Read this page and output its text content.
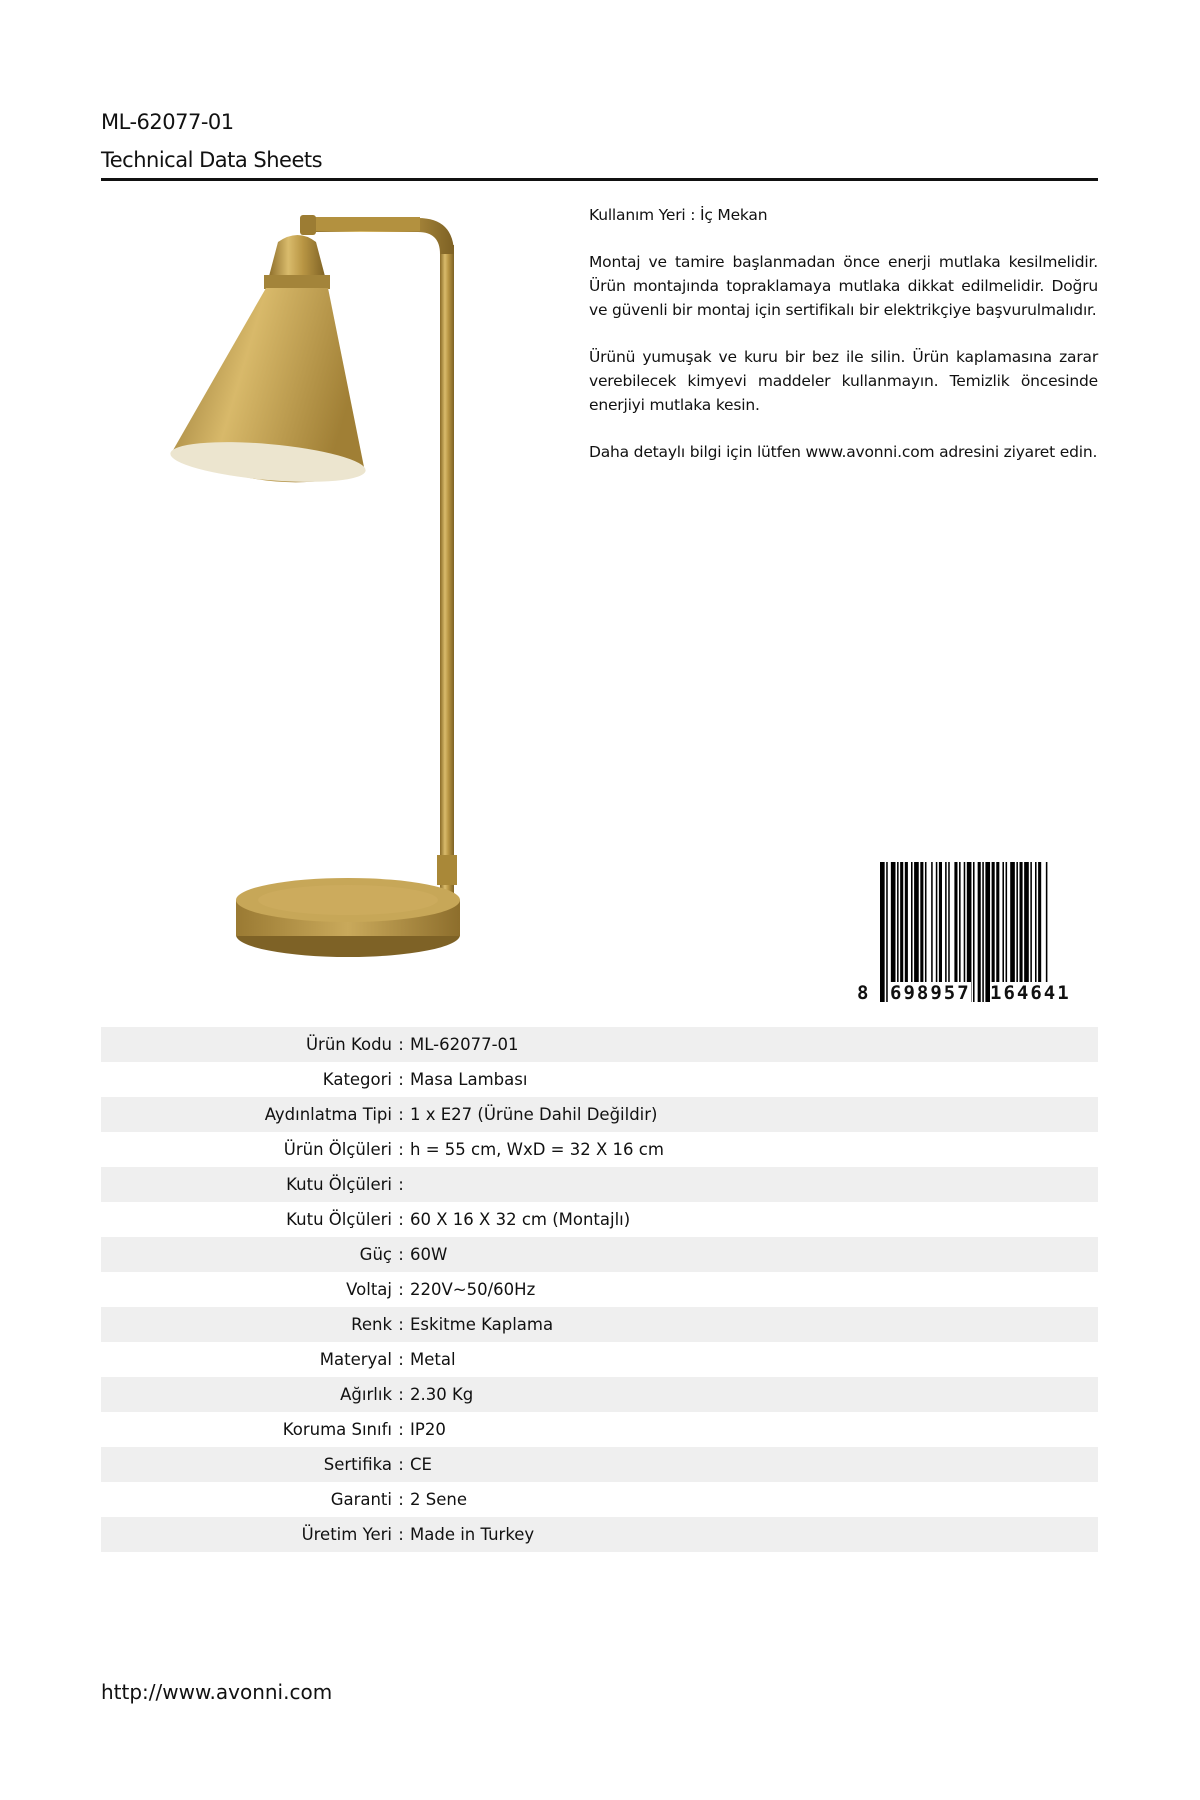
ML-62077-01
Technical Data Sheets

Kullanım Yeri : İç Mekan

Montaj ve tamire başlanmadan önce enerji mutlaka kesilmelidir. Ürün montajında topraklamaya mutlaka dikkat edilmelidir. Doğru ve güvenli bir montaj için sertifikalı bir elektrikçiye başvurulmalıdır.

Ürünü yumuşak ve kuru bir bez ile silin. Ürün kaplamasına zarar verebilecek kimyevi maddeler kullanmayın. Temizlik öncesinde enerjiyi mutlaka kesin.

Daha detaylı bilgi için lütfen www.avonni.com adresini ziyaret edin.

8 698957 164641
Ürün Kodu : ML-62077-01
Kategori : Masa Lambası
Aydınlatma Tipi : 1 x E27 (Ürüne Dahil Değildir)
Ürün Ölçüleri : h = 55 cm, WxD = 32 X 16 cm
Kutu Ölçüleri :
Kutu Ölçüleri : 60 X 16 X 32 cm (Montajlı)
Güç : 60W
Voltaj : 220V~50/60Hz
Renk : Eskitme Kaplama
Materyal : Metal
Ağırlık : 2.30 Kg
Koruma Sınıfı : IP20
Sertifika : CE
Garanti : 2 Sene
Üretim Yeri : Made in Turkey
http://www.avonni.com
